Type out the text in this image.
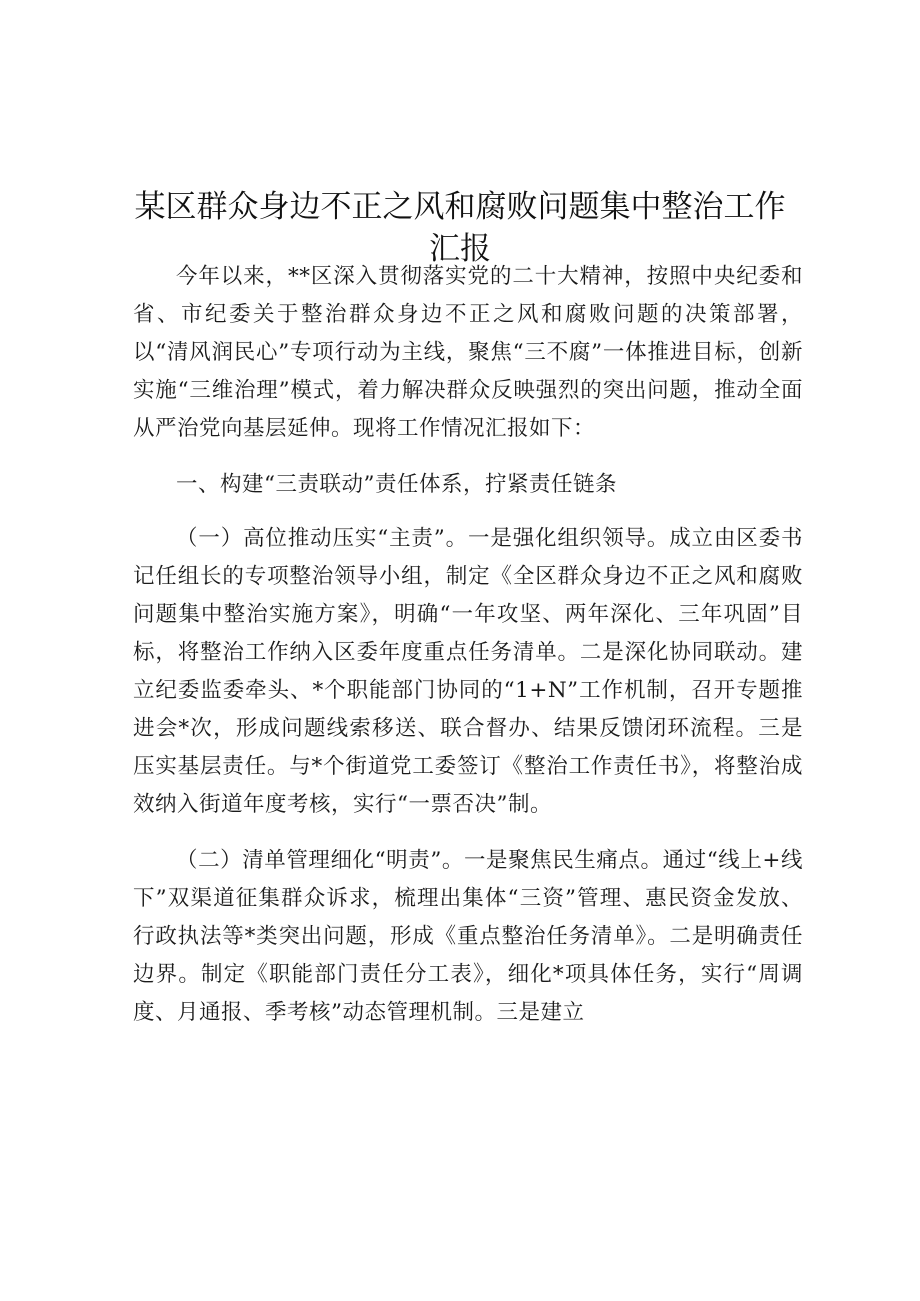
某区群众身边不正之风和腐败问题集中整治工作汇报

今年以来，**区深入贯彻落实党的二十大精神，按照中央纪委和省、市纪委关于整治群众身边不正之风和腐败问题的决策部署，以“清风润民心”专项行动为主线，聚焦“三不腐”一体推进目标，创新实施“三维治理”模式，着力解决群众反映强烈的突出问题，推动全面从严治党向基层延伸。现将工作情况汇报如下：

一、构建“三责联动”责任体系，拧紧责任链条

（一）高位推动压实“主责”。一是强化组织领导。成立由区委书记任组长的专项整治领导小组，制定《全区群众身边不正之风和腐败问题集中整治实施方案》，明确“一年攻坚、两年深化、三年巩固”目标，将整治工作纳入区委年度重点任务清单。二是深化协同联动。建立纪委监委牵头、*个职能部门协同的“1+N”工作机制，召开专题推进会*次，形成问题线索移送、联合督办、结果反馈闭环流程。三是压实基层责任。与*个街道党工委签订《整治工作责任书》，将整治成效纳入街道年度考核，实行“一票否决”制。

（二）清单管理细化“明责”。一是聚焦民生痛点。通过“线上+线下”双渠道征集群众诉求，梳理出集体“三资”管理、惠民资金发放、行政执法等*类突出问题，形成《重点整治任务清单》。二是明确责任边界。制定《职能部门责任分工表》，细化*项具体任务，实行“周调度、月通报、季考核”动态管理机制。三是建立
